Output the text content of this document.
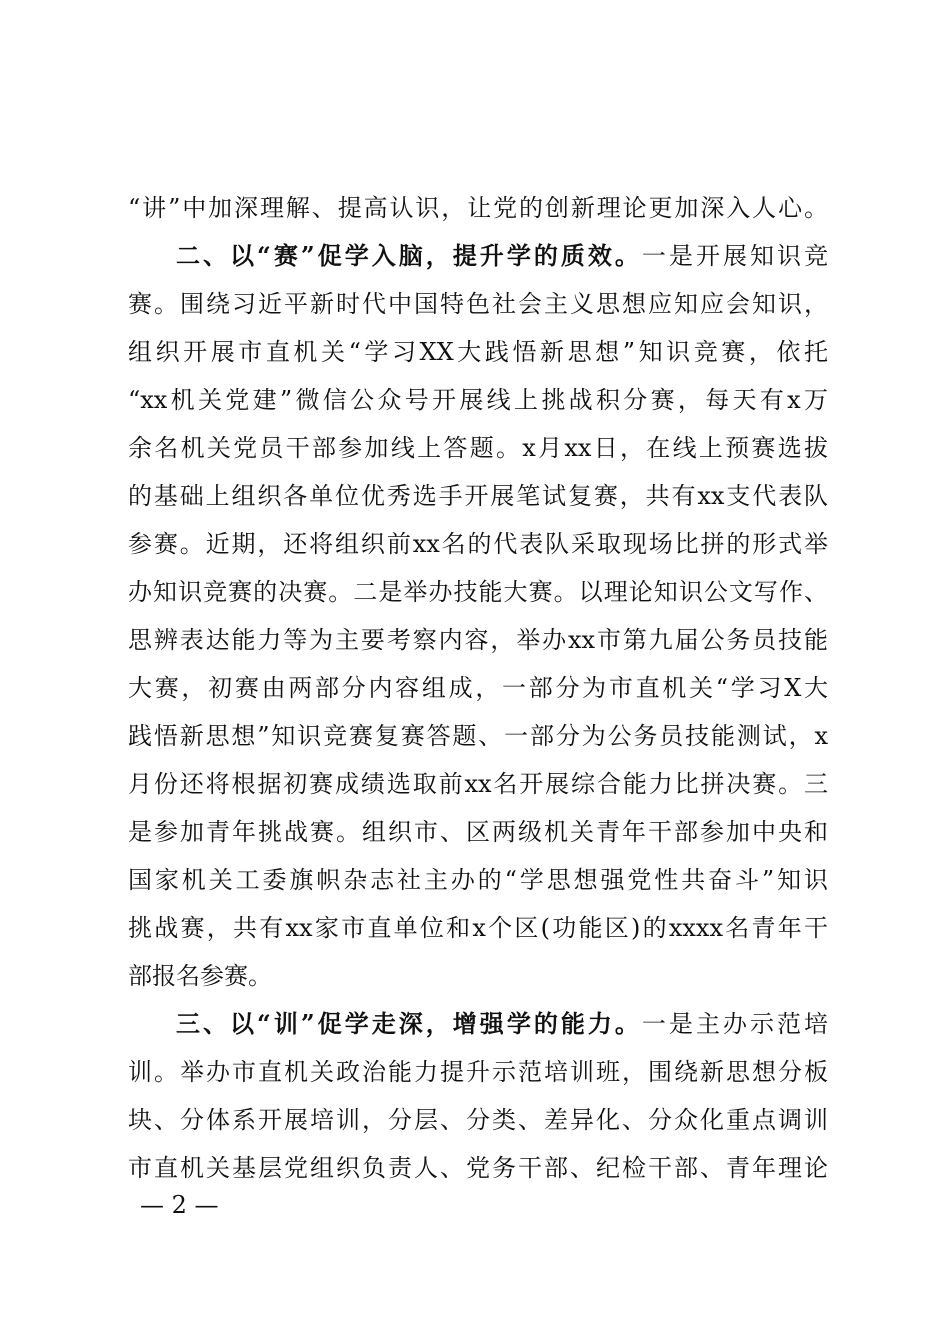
“讲”中加深理解、提高认识，让党的创新理论更加深入人心。
二、以“赛”促学入脑，提升学的质效。一是开展知识竞
赛。围绕习近平新时代中国特色社会主义思想应知应会知识，
组织开展市直机关“学习XX大践悟新思想”知识竞赛，依托
“xx机关党建”微信公众号开展线上挑战积分赛，每天有x万
余名机关党员干部参加线上答题。x月xx日，在线上预赛选拔
的基础上组织各单位优秀选手开展笔试复赛，共有xx支代表队
参赛。近期，还将组织前xx名的代表队采取现场比拼的形式举
办知识竞赛的决赛。二是举办技能大赛。以理论知识公文写作、
思辨表达能力等为主要考察内容，举办xx市第九届公务员技能
大赛，初赛由两部分内容组成，一部分为市直机关“学习X大
践悟新思想”知识竞赛复赛答题、一部分为公务员技能测试，x
月份还将根据初赛成绩选取前xx名开展综合能力比拼决赛。三
是参加青年挑战赛。组织市、区两级机关青年干部参加中央和
国家机关工委旗帜杂志社主办的“学思想强党性共奋斗”知识
挑战赛，共有xx家市直单位和x个区(功能区)的xxxx名青年干
部报名参赛。
三、以“训”促学走深，增强学的能力。一是主办示范培
训。举办市直机关政治能力提升示范培训班，围绕新思想分板
块、分体系开展培训，分层、分类、差异化、分众化重点调训
市直机关基层党组织负责人、党务干部、纪检干部、青年理论
— 2 —
